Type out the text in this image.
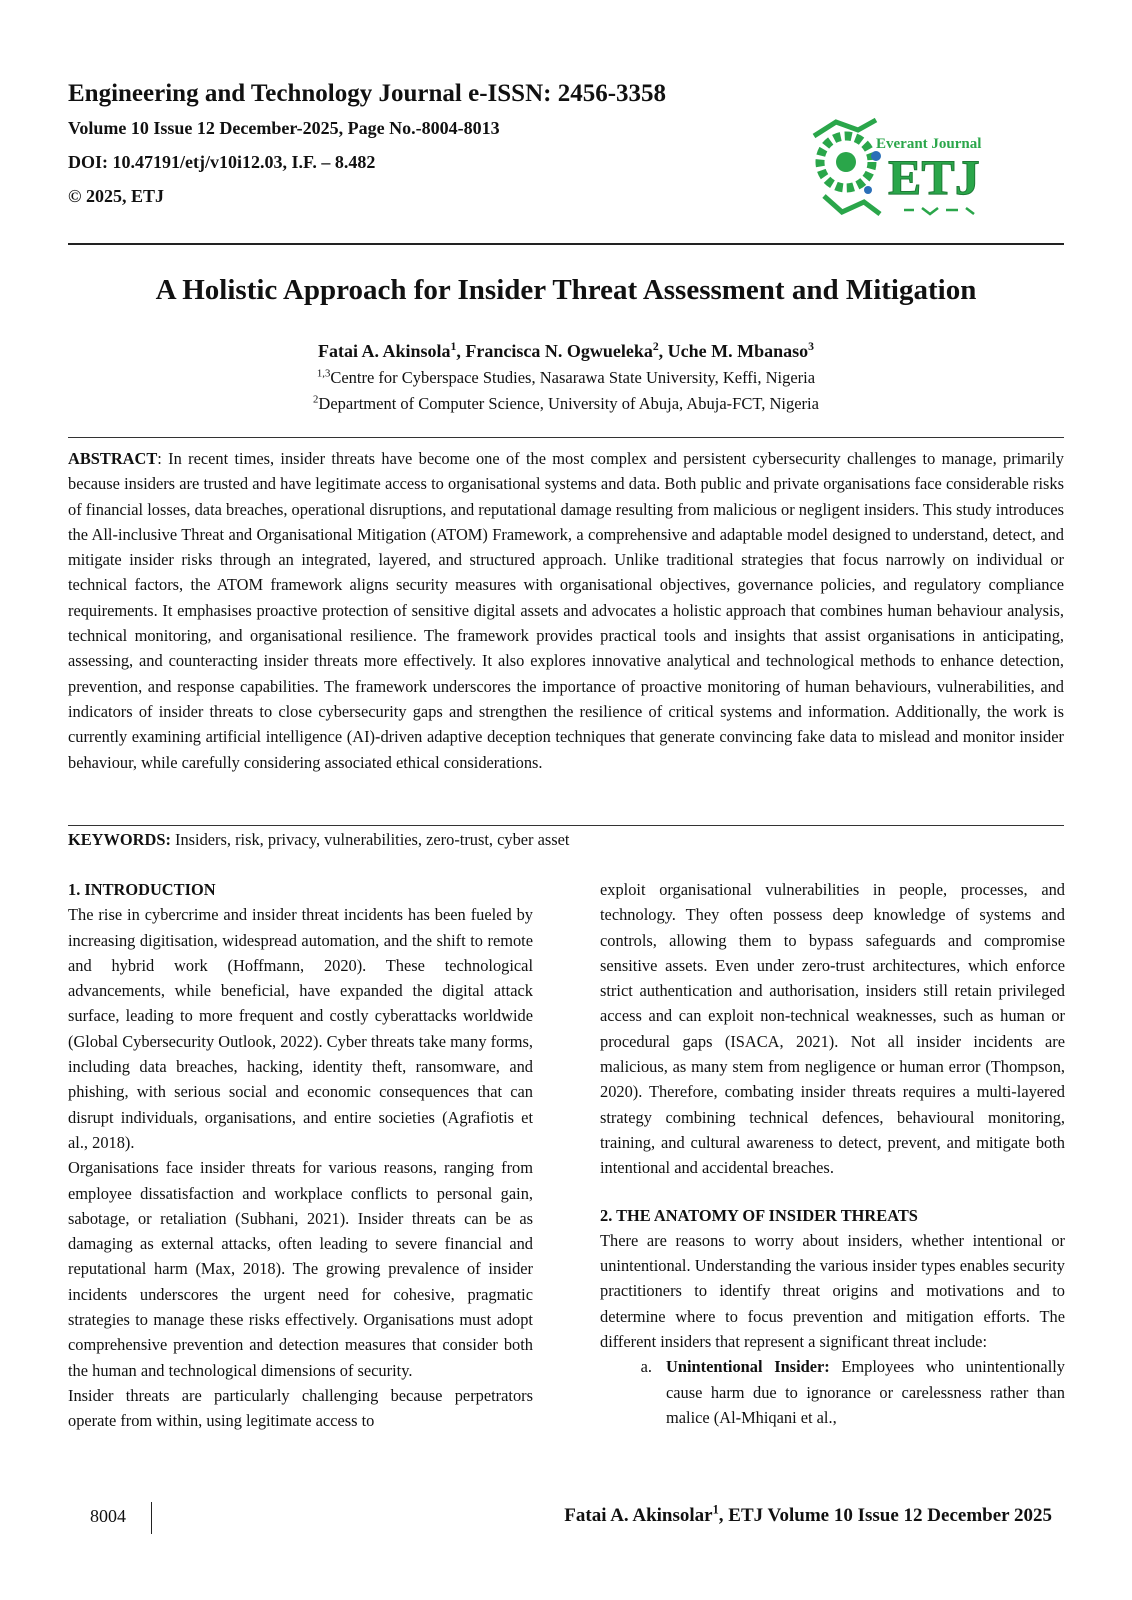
Engineering and Technology Journal e-ISSN: 2456-3358
Volume 10 Issue 12 December-2025, Page No.-8004-8013
DOI: 10.47191/etj/v10i12.03, I.F. – 8.482
© 2025, ETJ
Everant Journal
ETJ
A Holistic Approach for Insider Threat Assessment and Mitigation
Fatai A. Akinsola$^1$, Francisca N. Ogwueleka$^2$, Uche M. Mbanaso$^3$
$^{1,3}$Centre for Cyberspace Studies, Nasarawa State University, Keffi, Nigeria
$^2$Department of Computer Science, University of Abuja, Abuja-FCT, Nigeria

ABSTRACT: In recent times, insider threats have become one of the most complex and persistent cybersecurity challenges to manage, primarily because insiders are trusted and have legitimate access to organisational systems and data. Both public and private organisations face considerable risks of financial losses, data breaches, operational disruptions, and reputational damage resulting from malicious or negligent insiders. This study introduces the All-inclusive Threat and Organisational Mitigation (ATOM) Framework, a comprehensive and adaptable model designed to understand, detect, and mitigate insider risks through an integrated, layered, and structured approach. Unlike traditional strategies that focus narrowly on individual or technical factors, the ATOM framework aligns security measures with organisational objectives, governance policies, and regulatory compliance requirements. It emphasises proactive protection of sensitive digital assets and advocates a holistic approach that combines human behaviour analysis, technical monitoring, and organisational resilience. The framework provides practical tools and insights that assist organisations in anticipating, assessing, and counteracting insider threats more effectively. It also explores innovative analytical and technological methods to enhance detection, prevention, and response capabilities. The framework underscores the importance of proactive monitoring of human behaviours, vulnerabilities, and indicators of insider threats to close cybersecurity gaps and strengthen the resilience of critical systems and information. Additionally, the work is currently examining artificial intelligence (AI)-driven adaptive deception techniques that generate convincing fake data to mislead and monitor insider behaviour, while carefully considering associated ethical considerations.

KEYWORDS: Insiders, risk, privacy, vulnerabilities, zero-trust, cyber asset
1. INTRODUCTION

The rise in cybercrime and insider threat incidents has been fueled by increasing digitisation, widespread automation, and the shift to remote and hybrid work (Hoffmann, 2020). These technological advancements, while beneficial, have expanded the digital attack surface, leading to more frequent and costly cyberattacks worldwide (Global Cybersecurity Outlook, 2022). Cyber threats take many forms, including data breaches, hacking, identity theft, ransomware, and phishing, with serious social and economic consequences that can disrupt individuals, organisations, and entire societies (Agrafiotis et al., 2018).

Organisations face insider threats for various reasons, ranging from employee dissatisfaction and workplace conflicts to personal gain, sabotage, or retaliation (Subhani, 2021). Insider threats can be as damaging as external attacks, often leading to severe financial and reputational harm (Max, 2018). The growing prevalence of insider incidents underscores the urgent need for cohesive, pragmatic strategies to manage these risks effectively. Organisations must adopt comprehensive prevention and detection measures that consider both the human and technological dimensions of security.

Insider threats are particularly challenging because perpetrators operate from within, using legitimate access to

exploit organisational vulnerabilities in people, processes, and technology. They often possess deep knowledge of systems and controls, allowing them to bypass safeguards and compromise sensitive assets. Even under zero-trust architectures, which enforce strict authentication and authorisation, insiders still retain privileged access and can exploit non-technical weaknesses, such as human or procedural gaps (ISACA, 2021). Not all insider incidents are malicious, as many stem from negligence or human error (Thompson, 2020). Therefore, combating insider threats requires a multi-layered strategy combining technical defences, behavioural monitoring, training, and cultural awareness to detect, prevent, and mitigate both intentional and accidental breaches.

2. THE ANATOMY OF INSIDER THREATS

There are reasons to worry about insiders, whether intentional or unintentional. Understanding the various insider types enables security practitioners to identify threat origins and motivations and to determine where to focus prevention and mitigation efforts. The different insiders that represent a significant threat include:

a. Unintentional Insider: Employees who unintentionally cause harm due to ignorance or carelessness rather than malice (Al-Mhiqani et al.,
8004	Fatai A. Akinsolar$^1$, ETJ Volume 10 Issue 12 December 2025
